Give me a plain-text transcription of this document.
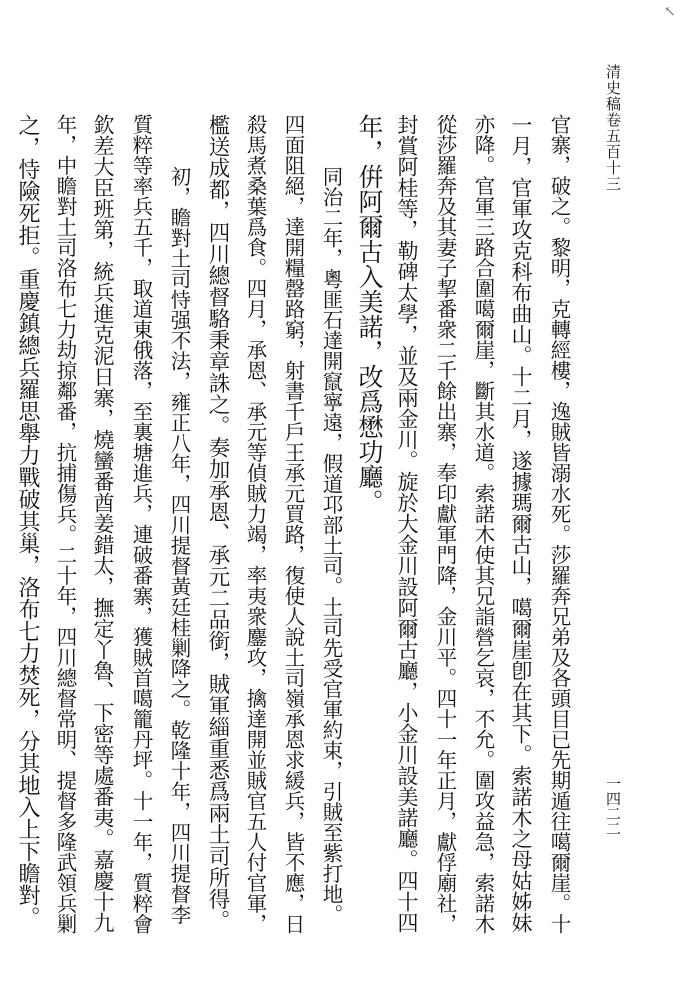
↖
清史稿卷五百十三
一四二二
官寨，破之。黎明，克轉經樓，逸賊皆溺水死。莎羅奔兄弟及各頭目已先期遁往噶爾崖。十
一月，官軍攻克科布曲山。十二月，遂據瑪爾古山，噶爾崖卽在其下。索諾木之母姑姊妹
亦降。官軍三路合圍噶爾崖，斷其水道。索諾木使其兄詣營乞哀，不允。圍攻益急，索諾木
從莎羅奔及其妻子挈番衆二千餘出寨，奉印獻軍門降，金川平。四十一年正月，獻俘廟社，
封賞阿桂等，勒碑太學，並及兩金川。旋於大金川設阿爾古廳，小金川設美諾廳。四十四
年，倂阿爾古入美諾，改爲懋功廳。
同治二年，粵匪石達開竄寧遠，假道邛部土司。土司先受官軍約束，引賊至紫打地。
四面阻絕，達開糧罄路窮，射書千戶王承元買路，復使人說土司嶺承恩求緩兵，皆不應，日
殺馬煮桑葉爲食。四月，承恩、承元等偵賊力竭，率夷衆鏖攻，擒達開並賊官五人付官軍，
檻送成都，四川總督駱秉章誅之。奏加承恩、承元二品銜，賊軍緇重悉爲兩土司所得。
初，瞻對土司恃强不法，雍正八年，四川提督黃廷桂剿降之。乾隆十年，四川提督李
質粹等率兵五千，取道東俄落，至裏塘進兵，連破番寨，獲賊首噶籠丹坪。十一年，質粹會
欽差大臣班第，統兵進克泥日寨，燒蠻番酋姜錯太，撫定丫魯、下密等處番夷。嘉慶十九
年，中瞻對土司洛布七力劫掠鄰番，抗捕傷兵。二十年，四川總督常明、提督多隆武領兵剿
之，恃險死拒。重慶鎮總兵羅思舉力戰破其巢，洛布七力焚死，分其地入上下瞻對。
